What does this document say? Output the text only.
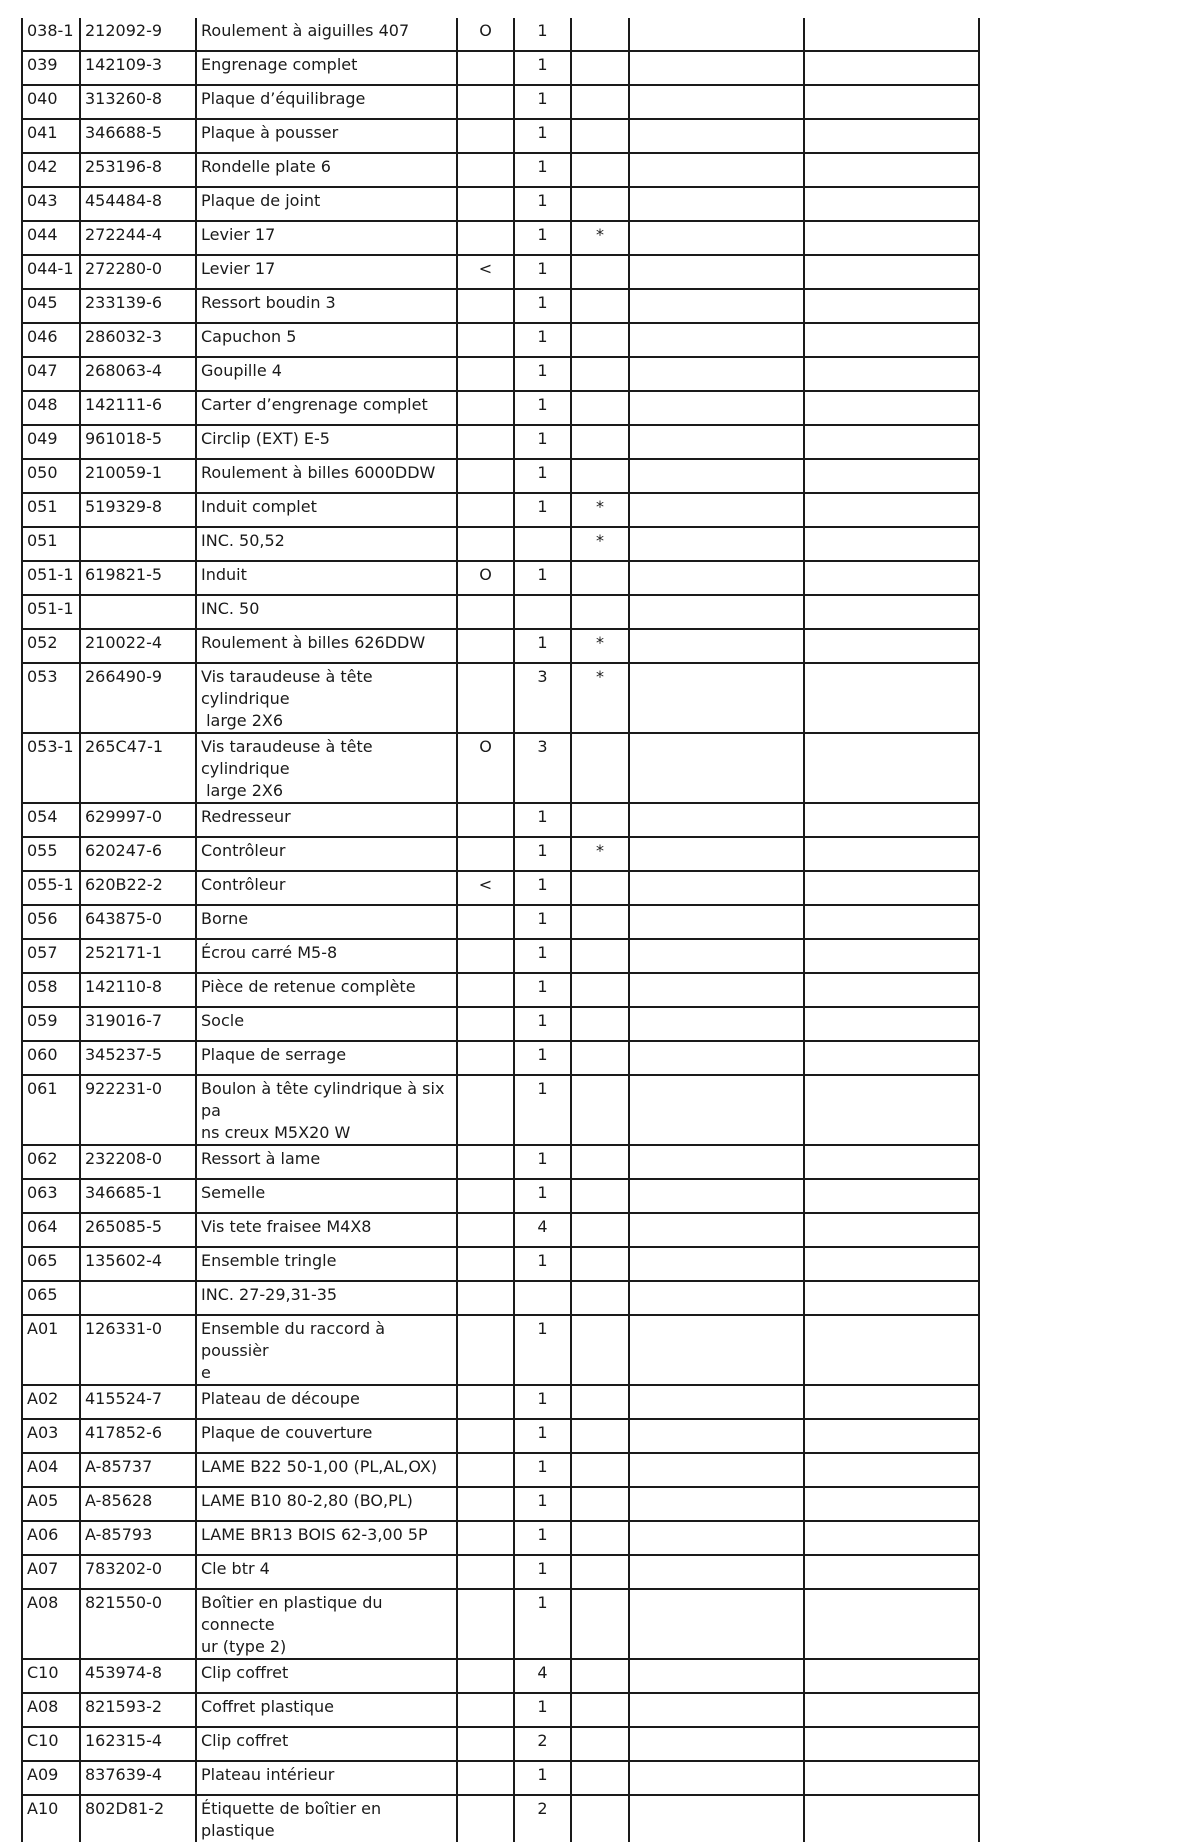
038-1	212092-9	Roulement à aiguilles 407	O	1			
039	142109-3	Engrenage complet		1			
040	313260-8	Plaque d’équilibrage		1			
041	346688-5	Plaque à pousser		1			
042	253196-8	Rondelle plate 6		1			
043	454484-8	Plaque de joint		1			
044	272244-4	Levier 17		1	*		
044-1	272280-0	Levier 17	<	1			
045	233139-6	Ressort boudin 3		1			
046	286032-3	Capuchon 5		1			
047	268063-4	Goupille 4		1			
048	142111-6	Carter d’engrenage complet		1			
049	961018-5	Circlip (EXT) E-5		1			
050	210059-1	Roulement à billes 6000DDW		1			
051	519329-8	Induit complet		1	*		
051		INC. 50,52			*		
051-1	619821-5	Induit	O	1			
051-1		INC. 50					

052	210022-4	Roulement à billes 626DDW		1	*		
053	266490-9	Vis taraudeuse à tête cylindrique
large 2X6		3	*		
053-1	265C47-1	Vis taraudeuse à tête cylindrique
large 2X6	O	3			
054	629997-0	Redresseur		1			
055	620247-6	Contrôleur		1	*		
055-1	620B22-2	Contrôleur	<	1			
056	643875-0	Borne		1			
057	252171-1	Écrou carré M5-8		1			
058	142110-8	Pièce de retenue complète		1			
059	319016-7	Socle		1			
060	345237-5	Plaque de serrage		1			
061	922231-0	Boulon à tête cylindrique à six pa
ns creux M5X20 W		1			
062	232208-0	Ressort à lame		1			
063	346685-1	Semelle		1			
064	265085-5	Vis tete fraisee M4X8		4			
065	135602-4	Ensemble tringle		1			
065		INC. 27-29,31-35					

A01	126331-0	Ensemble du raccord à poussièr
e		1			
A02	415524-7	Plateau de découpe		1			
A03	417852-6	Plaque de couverture		1			
A04	A-85737	LAME B22 50-1,00 (PL,AL,OX)		1			
A05	A-85628	LAME B10 80-2,80 (BO,PL)		1			
A06	A-85793	LAME BR13 BOIS 62-3,00 5P		1			
A07	783202-0	Cle btr 4		1			
A08	821550-0	Boîtier en plastique du connecte
ur (type 2)		1			
C10	453974-8	Clip coffret		4			
A08	821593-2	Coffret plastique		1			
C10	162315-4	Clip coffret		2			
A09	837639-4	Plateau intérieur		1			
A10	802D81-2	Étiquette de boîtier en plastique		2			
